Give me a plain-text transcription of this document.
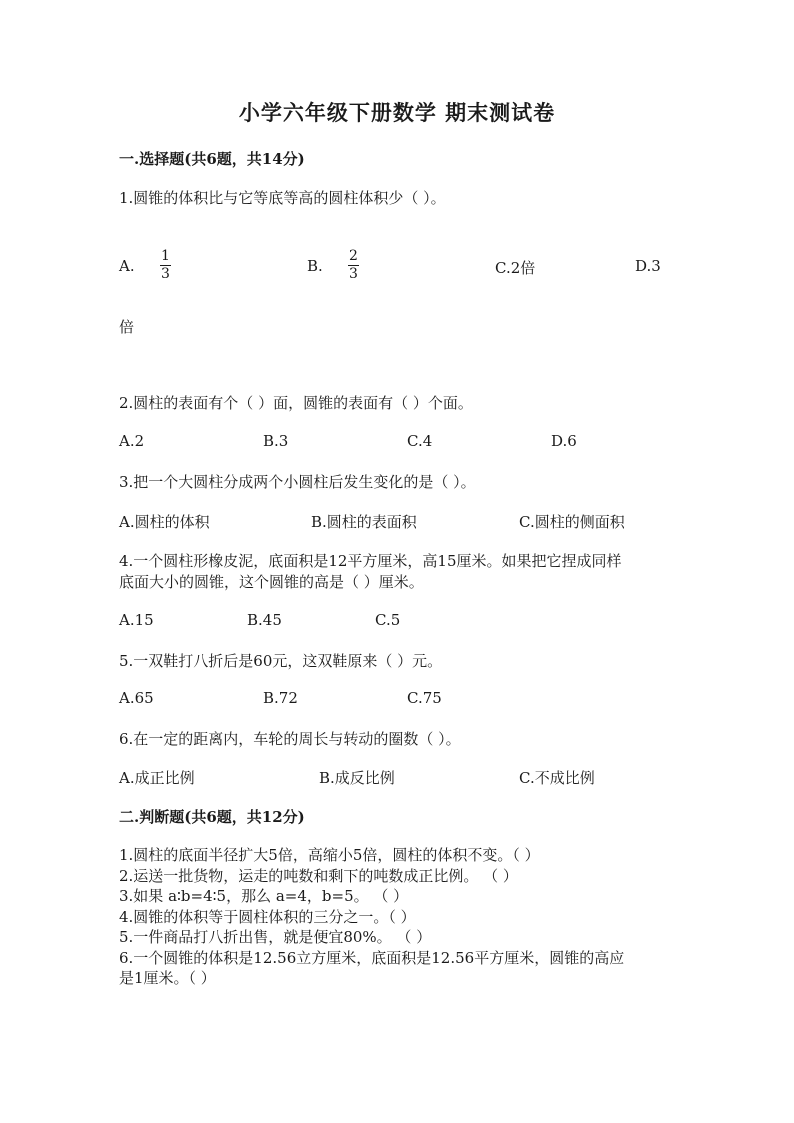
小学六年级下册数学 期末测试卷
一.选择题(共6题，共14分)
1.圆锥的体积比与它等底等高的圆柱体积少（ ）。
A.
1
3	B.
2
3	C.2倍	D.3
倍
2.圆柱的表面有个（ ）面，圆锥的表面有（ ）个面。
A.2	B.3	C.4	D.6
3.把一个大圆柱分成两个小圆柱后发生变化的是（ ）。
A.圆柱的体积	B.圆柱的表面积	C.圆柱的侧面积
4.一个圆柱形橡皮泥，底面积是12平方厘米，高15厘米。如果把它捏成同样
底面大小的圆锥，这个圆锥的高是（ ）厘米。
A.15	B.45	C.5
5.一双鞋打八折后是60元，这双鞋原来（ ）元。
A.65	B.72	C.75
6.在一定的距离内，车轮的周长与转动的圈数（ ）。
A.成正比例	B.成反比例	C.不成比例
二.判断题(共6题，共12分)
1.圆柱的底面半径扩大5倍，高缩小5倍，圆柱的体积不变。（ ）
2.运送一批货物，运走的吨数和剩下的吨数成正比例。 （ ）
3.如果 a∶b=4∶5，那么 a=4，b=5。 （ ）
4.圆锥的体积等于圆柱体积的三分之一。（ ）
5.一件商品打八折出售，就是便宜80%。 （ ）
6.一个圆锥的体积是12.56立方厘米，底面积是12.56平方厘米，圆锥的高应
是1厘米。（ ）
